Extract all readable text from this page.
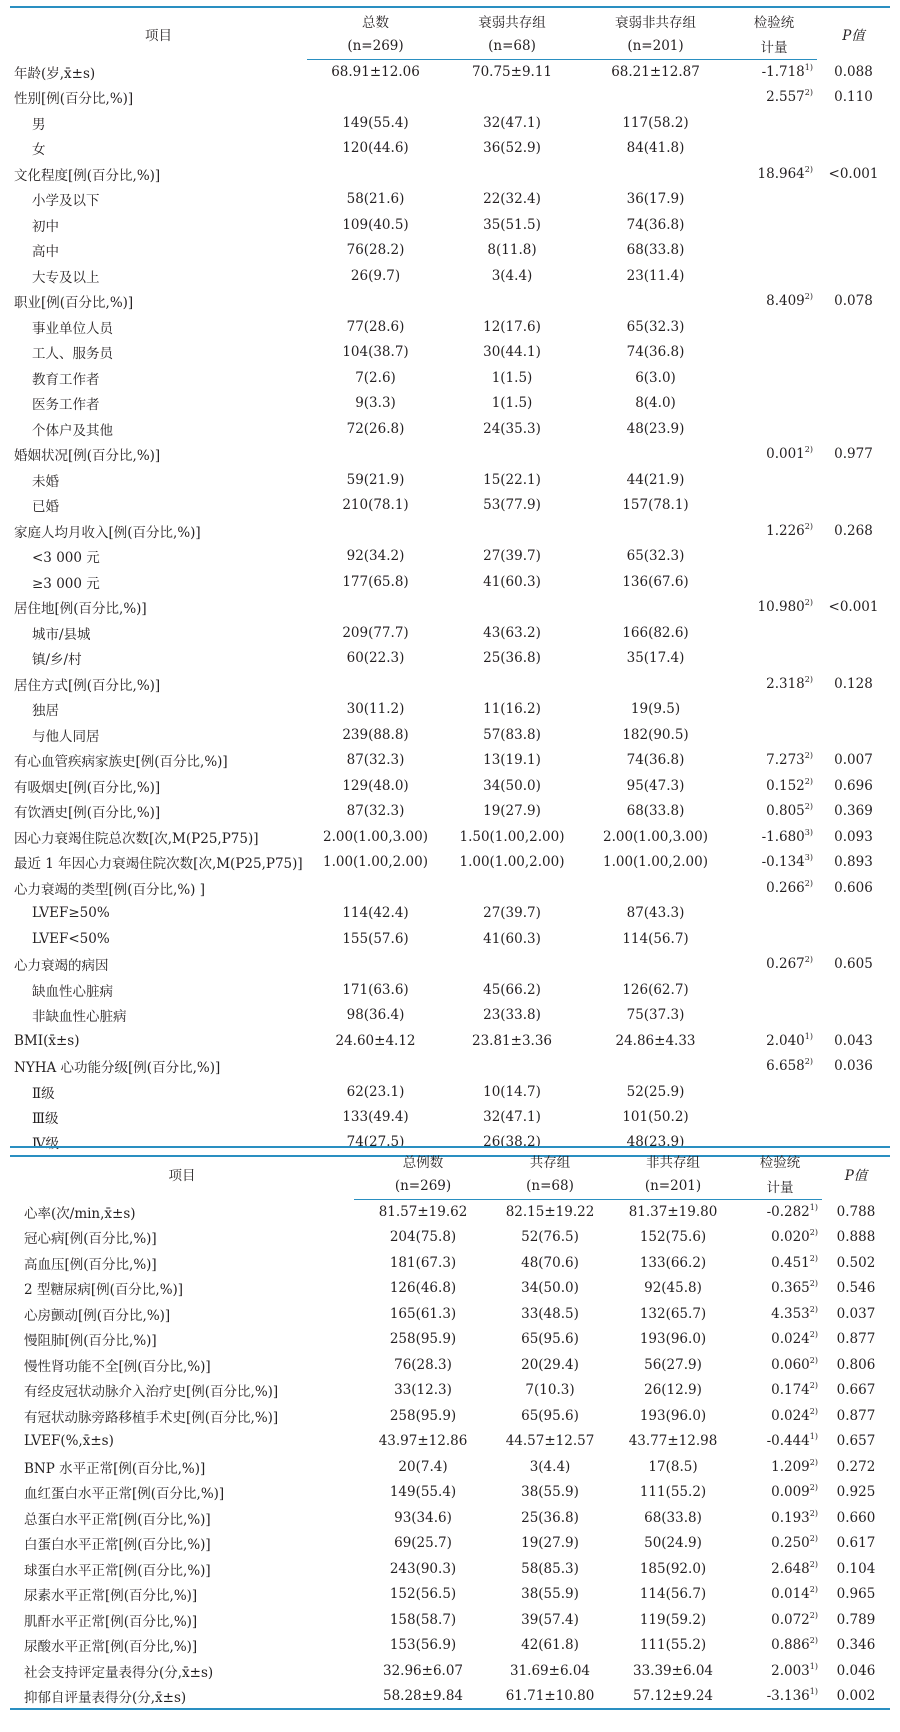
项目	总数	衰弱共存组	衰弱非共存组	检验统	P值
	(n=269)	(n=68)	(n=201)	计量	
年龄(岁,x̄±s)	68.91±12.06	70.75±9.11	68.21±12.87	-1.718$^{1)}$	0.088
性别[例(百分比,%)]				2.557$^{2)}$	0.110
男	149(55.4)	32(47.1)	117(58.2)		
女	120(44.6)	36(52.9)	84(41.8)		
文化程度[例(百分比,%)]				$18.964^{2)}$	<0.001
小学及以下	58(21.6)	22(32.4)	36(17.9)		
初中	109(40.5)	35(51.5)	74(36.8)		
高中	76(28.2)	8(11.8)	68(33.8)		
大专及以上	26(9.7)	3(4.4)	23(11.4)		
职业[例(百分比,%)]				8.409$^{2)}$	0.078
事业单位人员	77(28.6)	12(17.6)	65(32.3)		
工人、服务员	104(38.7)	30(44.1)	74(36.8)		
教育工作者	7(2.6)	1(1.5)	6(3.0)		
医务工作者	9(3.3)	1(1.5)	8(4.0)		
个体户及其他	72(26.8)	24(35.3)	48(23.9)		
婚姻状况[例(百分比,%)]				0.001$^{2)}$	0.977
未婚	59(21.9)	15(22.1)	44(21.9)		
已婚	210(78.1)	53(77.9)	157(78.1)		
家庭人均月收入[例(百分比,%)]				1.226$^{2)}$	0.268
<3 000 元	92(34.2)	27(39.7)	65(32.3)		
≥3 000 元	177(65.8)	41(60.3)	136(67.6)		
居住地[例(百分比,%)]				$10.980^{2)}$	<0.001
城市/县城	209(77.7)	43(63.2)	166(82.6)		
镇/乡/村	60(22.3)	25(36.8)	35(17.4)		
居住方式[例(百分比,%)]				2.318$^{2)}$	0.128
独居	30(11.2)	11(16.2)	19(9.5)		
与他人同居	239(88.8)	57(83.8)	182(90.5)		
有心血管疾病家族史[例(百分比,%)]	87(32.3)	13(19.1)	74(36.8)	7.273$^{2)}$	0.007
有吸烟史[例(百分比,%)]	129(48.0)	34(50.0)	95(47.3)	0.152$^{2)}$	0.696
有饮酒史[例(百分比,%)]	87(32.3)	19(27.9)	68(33.8)	0.805$^{2)}$	0.369
因心力衰竭住院总次数[次,M(P25,P75)]	2.00(1.00,3.00)	1.50(1.00,2.00)	2.00(1.00,3.00)	-1.680$^{3)}$	0.093
最近 1 年因心力衰竭住院次数[次,M(P25,P75)]	1.00(1.00,2.00)	1.00(1.00,2.00)	1.00(1.00,2.00)	-0.134$^{3)}$	0.893
心力衰竭的类型[例(百分比,%) ]				0.266$^{2)}$	0.606
LVEF≥50%	114(42.4)	27(39.7)	87(43.3)		
LVEF<50%	155(57.6)	41(60.3)	114(56.7)		
心力衰竭的病因				0.267$^{2)}$	0.605
缺血性心脏病	171(63.6)	45(66.2)	126(62.7)		
非缺血性心脏病	98(36.4)	23(33.8)	75(37.3)		
BMI(x̄±s)	24.60±4.12	23.81±3.36	24.86±4.33	2.040$^{1)}$	0.043
NYHA 心功能分级[例(百分比,%)]				6.658$^{2)}$	0.036
Ⅱ级	62(23.1)	10(14.7)	52(25.9)		
Ⅲ级	133(49.4)	32(47.1)	101(50.2)		
Ⅳ级	74(27.5)	26(38.2)	48(23.9)		
项目	总例数	共存组	非共存组	检验统	P值
	(n=269)	(n=68)	(n=201)	计量	
心率(次/min,x̄±s)	81.57±19.62	82.15±19.22	81.37±19.80	-0.282$^{1)}$	0.788
冠心病[例(百分比,%)]	204(75.8)	52(76.5)	152(75.6)	0.020$^{2)}$	0.888
高血压[例(百分比,%)]	181(67.3)	48(70.6)	133(66.2)	0.451$^{2)}$	0.502
2 型糖尿病[例(百分比,%)]	126(46.8)	34(50.0)	92(45.8)	0.365$^{2)}$	0.546
心房颤动[例(百分比,%)]	165(61.3)	33(48.5)	132(65.7)	4.353$^{2)}$	0.037
慢阻肺[例(百分比,%)]	258(95.9)	65(95.6)	193(96.0)	0.024$^{2)}$	0.877
慢性肾功能不全[例(百分比,%)]	76(28.3)	20(29.4)	56(27.9)	0.060$^{2)}$	0.806
有经皮冠状动脉介入治疗史[例(百分比,%)]	33(12.3)	7(10.3)	26(12.9)	0.174$^{2)}$	0.667
有冠状动脉旁路移植手术史[例(百分比,%)]	258(95.9)	65(95.6)	193(96.0)	0.024$^{2)}$	0.877
LVEF(%,x̄±s)	43.97±12.86	44.57±12.57	43.77±12.98	-0.444$^{1)}$	0.657
BNP 水平正常[例(百分比,%)]	20(7.4)	3(4.4)	17(8.5)	1.209$^{2)}$	0.272
血红蛋白水平正常[例(百分比,%)]	149(55.4)	38(55.9)	111(55.2)	0.009$^{2)}$	0.925
总蛋白水平正常[例(百分比,%)]	93(34.6)	25(36.8)	68(33.8)	0.193$^{2)}$	0.660
白蛋白水平正常[例(百分比,%)]	69(25.7)	19(27.9)	50(24.9)	0.250$^{2)}$	0.617
球蛋白水平正常[例(百分比,%)]	243(90.3)	58(85.3)	185(92.0)	2.648$^{2)}$	0.104
尿素水平正常[例(百分比,%)]	152(56.5)	38(55.9)	114(56.7)	0.014$^{2)}$	0.965
肌酐水平正常[例(百分比,%)]	158(58.7)	39(57.4)	119(59.2)	0.072$^{2)}$	0.789
尿酸水平正常[例(百分比,%)]	153(56.9)	42(61.8)	111(55.2)	0.886$^{2)}$	0.346
社会支持评定量表得分(分,x̄±s)	32.96±6.07	31.69±6.04	33.39±6.04	2.003$^{1)}$	0.046
抑郁自评量表得分(分,x̄±s)	58.28±9.84	61.71±10.80	57.12±9.24	-3.136$^{1)}$	0.002
